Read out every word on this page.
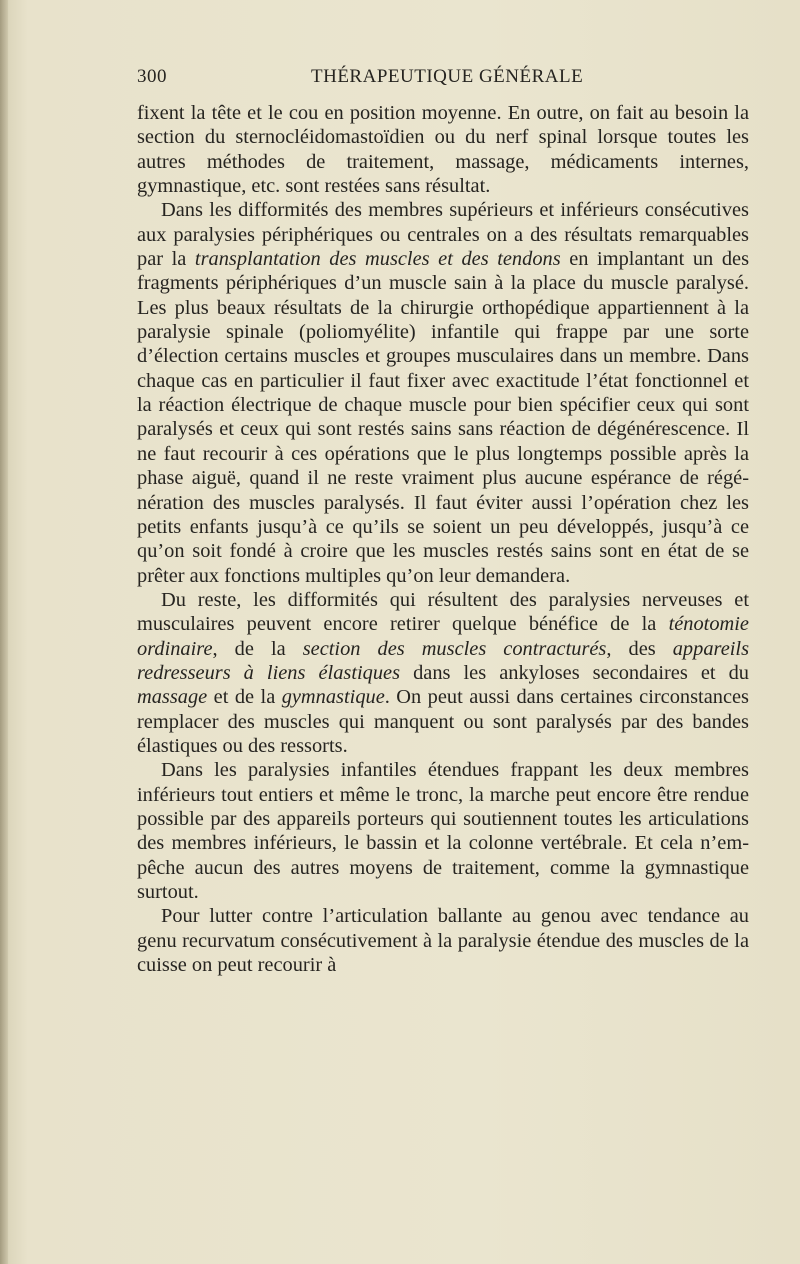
300	THÉRAPEUTIQUE GÉNÉRALE

fixent la tête et le cou en position moyenne. En outre, on fait au besoin la section du sternocléidomastoïdien ou du nerf spinal lorsque toutes les autres méthodes de traitement, massage, médicaments internes, gymnastique, etc. sont restées sans résultat.

Dans les difformités des membres supérieurs et inférieurs consécutives aux paralysies périphériques ou centrales on a des résultats remarquables par la transplantation des muscles et des tendons en implantant un des fragments périphériques d’un muscle sain à la place du muscle paralysé. Les plus beaux résultats de la chirurgie orthopédique appartiennent à la paralysie spinale (poliomyélite) infantile qui frappe par une sorte d’élection certains muscles et groupes musculaires dans un membre. Dans chaque cas en particulier il faut fixer avec exactitude l’état fonctionnel et la réaction électrique de chaque muscle pour bien spécifier ceux qui sont paralysés et ceux qui sont restés sains sans réaction de dégénérescence. Il ne faut recourir à ces opérations que le plus longtemps possible après la phase aiguë, quand il ne reste vraiment plus aucune espérance de régénération des muscles paralysés. Il faut éviter aussi l’opération chez les petits enfants jusqu’à ce qu’ils se soient un peu développés, jusqu’à ce qu’on soit fondé à croire que les muscles restés sains sont en état de se prêter aux fonctions multiples qu’on leur demandera.

Du reste, les difformités qui résultent des paralysies nerveuses et musculaires peuvent encore retirer quelque bénéfice de la ténotomie ordinaire, de la section des muscles contracturés, des appareils redresseurs à liens élastiques dans les ankyloses secondaires et du massage et de la gymnastique. On peut aussi dans certaines circonstances remplacer des muscles qui manquent ou sont paralysés par des bandes élastiques ou des ressorts.

Dans les paralysies infantiles étendues frappant les deux membres inférieurs tout entiers et même le tronc, la marche peut encore être rendue possible par des appareils porteurs qui soutiennent toutes les articulations des membres inférieurs, le bassin et la colonne vertébrale. Et cela n’empêche aucun des autres moyens de traitement, comme la gymnastique surtout.

Pour lutter contre l’articulation ballante au genou avec tendance au genu recurvatum consécutivement à la paralysie étendue des muscles de la cuisse on peut recourir à
